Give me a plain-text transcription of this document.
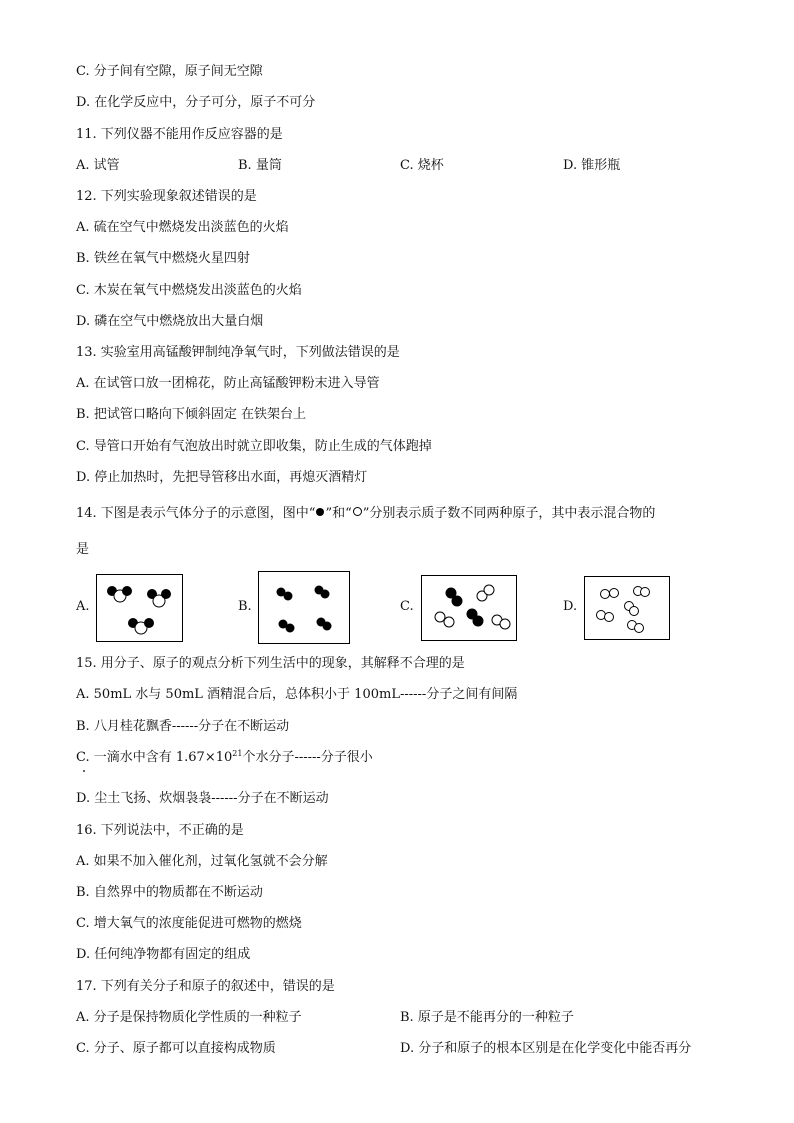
C. 分子间有空隙，原子间无空隙
D. 在化学反应中，分子可分，原子不可分
11. 下列仪器不能用作反应容器的是
A. 试管	B. 量筒	C. 烧杯	D. 锥形瓶
12. 下列实验现象叙述错误的是
A. 硫在空气中燃烧发出淡蓝色的火焰
B. 铁丝在氧气中燃烧火星四射
C. 木炭在氧气中燃烧发出淡蓝色的火焰
D. 磷在空气中燃烧放出大量白烟
13. 实验室用高锰酸钾制纯净氧气时，下列做法错误的是
A. 在试管口放一团棉花，防止高锰酸钾粉末进入导管
B. 把试管口略向下倾斜固定 在铁架台上
C. 导管口开始有气泡放出时就立即收集，防止生成的气体跑掉
D. 停止加热时，先把导管移出水面，再熄灭酒精灯
14. 下图是表示气体分子的示意图，图中“ ”和“ ”分别表示质子数不同两种原子，其中表示混合物的
是
A.	B.	C.	D.
15. 用分子、原子的观点分析下列生活中的现象，其解释不合理的是
A. 50mL 水与 50mL 酒精混合后，总体积小于 100mL------分子之间有间隔
B. 八月桂花飘香------分子在不断运动
C. 一滴水中含有 $1.67\times 10^{21}$个水分子------分子很小
D. 尘土飞扬、炊烟袅袅------分子在不断运动
16. 下列说法中，不正确的是
A. 如果不加入催化剂，过氧化氢就不会分解
B. 自然界中的物质都在不断运动
C. 增大氧气的浓度能促进可燃物的燃烧
D. 任何纯净物都有固定的组成
17. 下列有关分子和原子的叙述中，错误的是
A. 分子是保持物质化学性质的一种粒子	B. 原子是不能再分的一种粒子
C. 分子、原子都可以直接构成物质	D. 分子和原子的根本区别是在化学变化中能否再分
